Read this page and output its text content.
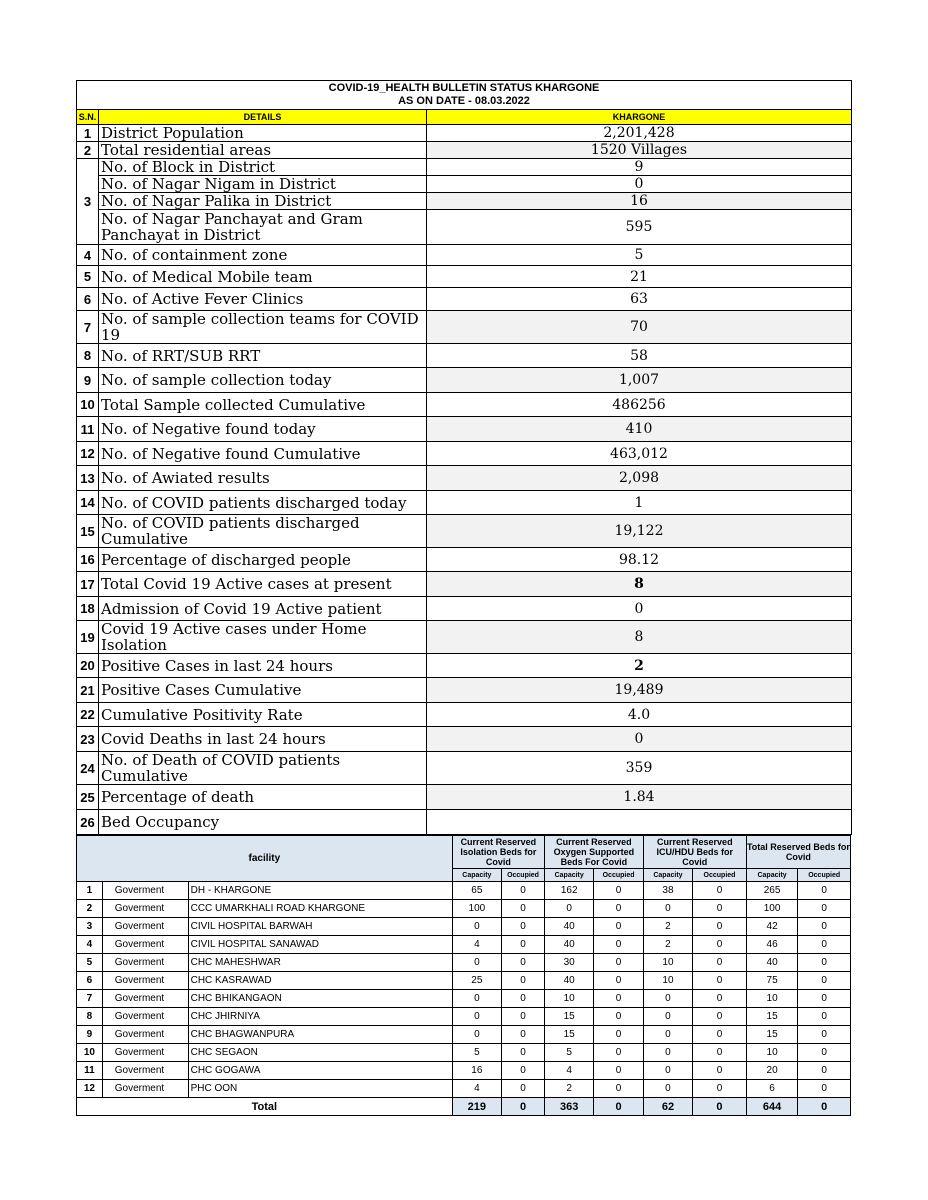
COVID-19_HEALTH BULLETIN STATUS KHARGONE
AS ON DATE - 08.03.2022		

S.N.	DETAILS	KHARGONE
1	District Population	2,201,428
2	Total residential areas	1520 Villages
3	No. of Block in District	9
	No. of Nagar Nigam in District	0
	No. of Nagar Palika in District	16
	No. of Nagar Panchayat and Gram Panchayat in District	595
4	No. of containment zone	5
5	No. of Medical Mobile team	21
6	No. of Active Fever Clinics	63
7	No. of sample collection teams for COVID 19	70
8	No. of RRT/SUB RRT	58
9	No. of sample collection today	1,007
10	Total Sample collected Cumulative	486256
11	No. of Negative found today	410
12	No. of Negative found Cumulative	463,012
13	No. of Awiated results	2,098
14	No. of COVID patients discharged today	1
15	No. of COVID patients discharged Cumulative	19,122
16	Percentage of discharged people	98.12
17	Total Covid 19 Active cases at present	8
18	Admission of Covid 19 Active patient	0
19	Covid 19 Active cases under Home Isolation	8
20	Positive Cases in last 24 hours	2
21	Positive Cases Cumulative	19,489
22	Cumulative Positivity Rate	4.0
23	Covid Deaths in last 24 hours	0
24	No. of Death of COVID patients Cumulative	359
25	Percentage of death	1.84
26	Bed Occupancy	
facility			Current Reserved Isolation Beds for Covid		Current Reserved Oxygen Supported Beds For Covid		Current Reserved ICU/HDU Beds for Covid		Total Reserved Beds for Covid	

			Capacity	Occupied	Capacity	Occupied	Capacity	Occupied	Capacity	Occupied
1	Goverment	DH - KHARGONE	65	0	162	0	38	0	265	0
2	Goverment	CCC UMARKHALI ROAD KHARGONE	100	0	0	0	0	0	100	0
3	Goverment	CIVIL HOSPITAL BARWAH	0	0	40	0	2	0	42	0
4	Goverment	CIVIL HOSPITAL SANAWAD	4	0	40	0	2	0	46	0
5	Goverment	CHC MAHESHWAR	0	0	30	0	10	0	40	0
6	Goverment	CHC KASRAWAD	25	0	40	0	10	0	75	0
7	Goverment	CHC BHIKANGAON	0	0	10	0	0	0	10	0
8	Goverment	CHC JHIRNIYA	0	0	15	0	0	0	15	0
9	Goverment	CHC BHAGWANPURA	0	0	15	0	0	0	15	0
10	Goverment	CHC SEGAON	5	0	5	0	0	0	10	0
11	Goverment	CHC GOGAWA	16	0	4	0	0	0	20	0
12	Goverment	PHC OON	4	0	2	0	0	0	6	0
Total			219	0	363	0	62	0	644	0
